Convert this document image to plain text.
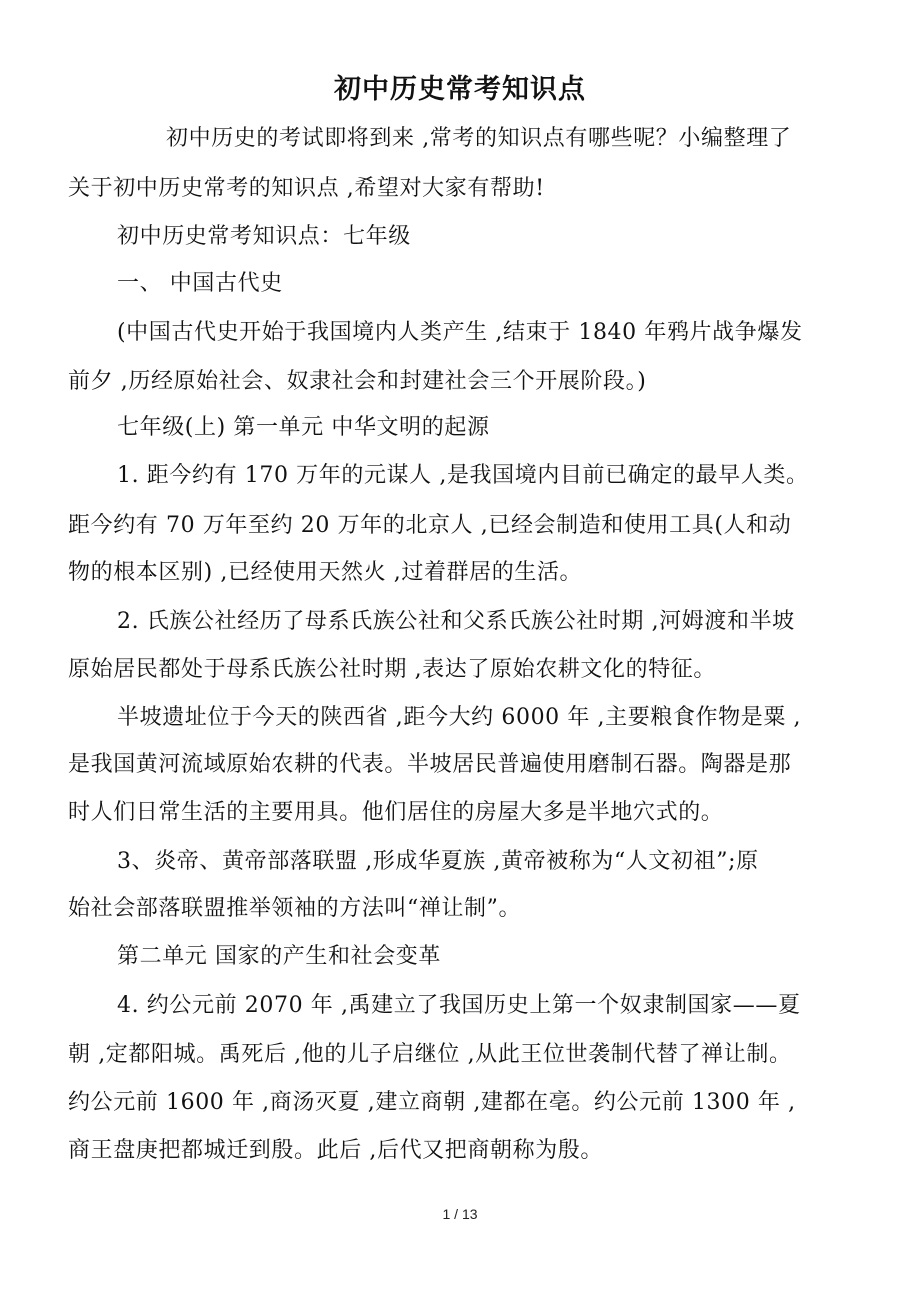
初中历史常考知识点
初中历史的考试即将到来 ,常考的知识点有哪些呢？小编整理了
关于初中历史常考的知识点 ,希望对大家有帮助!
初中历史常考知识点：七年级
一、 中国古代史
(中国古代史开始于我国境内人类产生 ,结束于 1840 年鸦片战争爆发
前夕 ,历经原始社会、奴隶社会和封建社会三个开展阶段。)
七年级(上) 第一单元 中华文明的起源
1. 距今约有 170 万年的元谋人 ,是我国境内目前已确定的最早人类。
距今约有 70 万年至约 20 万年的北京人 ,已经会制造和使用工具(人和动
物的根本区别) ,已经使用天然火 ,过着群居的生活。
2. 氏族公社经历了母系氏族公社和父系氏族公社时期 ,河姆渡和半坡
原始居民都处于母系氏族公社时期 ,表达了原始农耕文化的特征。
半坡遗址位于今天的陕西省 ,距今大约 6000 年 ,主要粮食作物是粟 ,
是我国黄河流域原始农耕的代表。半坡居民普遍使用磨制石器。陶器是那
时人们日常生活的主要用具。他们居住的房屋大多是半地穴式的。
3、炎帝、黄帝部落联盟 ,形成华夏族 ,黄帝被称为“人文初祖”;原
始社会部落联盟推举领袖的方法叫“禅让制”。
第二单元 国家的产生和社会变革
4. 约公元前 2070 年 ,禹建立了我国历史上第一个奴隶制国家——夏
朝 ,定都阳城。禹死后 ,他的儿子启继位 ,从此王位世袭制代替了禅让制。
约公元前 1600 年 ,商汤灭夏 ,建立商朝 ,建都在亳。约公元前 1300 年 ,
商王盘庚把都城迁到殷。此后 ,后代又把商朝称为殷。
1 / 13
